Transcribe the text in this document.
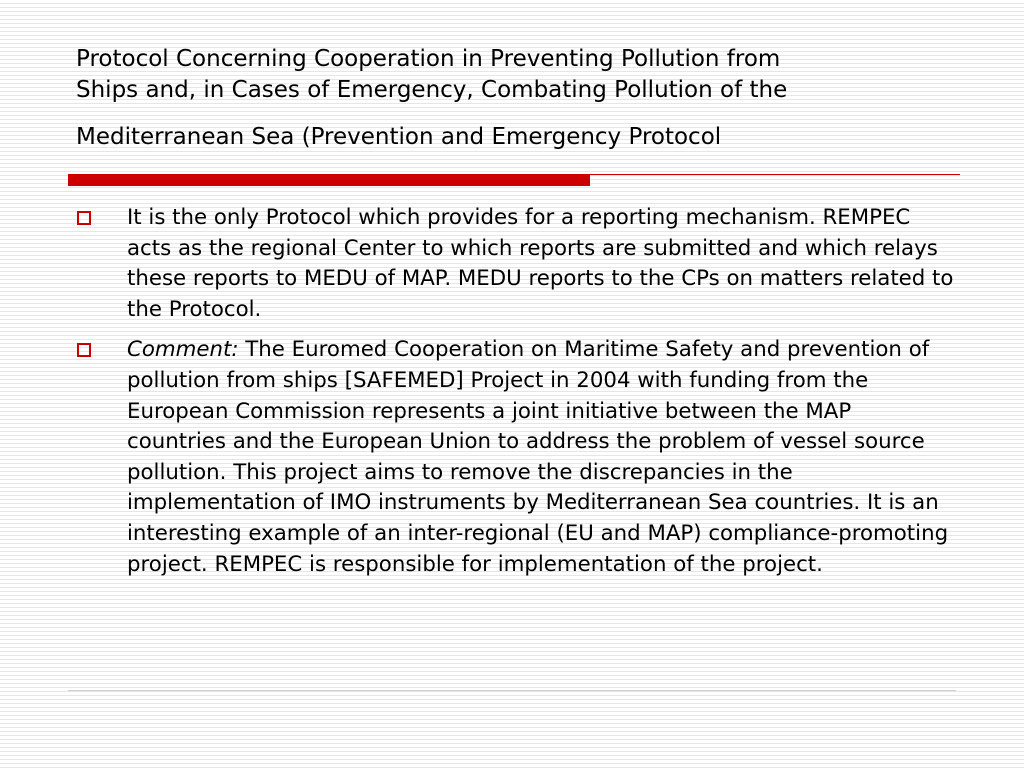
Protocol Concerning Cooperation in Preventing Pollution from
Ships and, in Cases of Emergency, Combating Pollution of the
Mediterranean Sea (Prevention and Emergency Protocol
It is the only Protocol which provides for a reporting mechanism. REMPEC acts as the regional Center to which reports are submitted and which relays these reports to MEDU of MAP. MEDU reports to the CPs on matters related to the Protocol.
Comment: The Euromed Cooperation on Maritime Safety and prevention of pollution from ships [SAFEMED] Project in 2004 with funding from the European Commission represents a joint initiative between the MAP countries and the European Union to address the problem of vessel source pollution. This project aims to remove the discrepancies in the implementation of IMO instruments by Mediterranean Sea countries. It is an interesting example of an inter-regional (EU and MAP) compliance-promoting project. REMPEC is responsible for implementation of the project.
